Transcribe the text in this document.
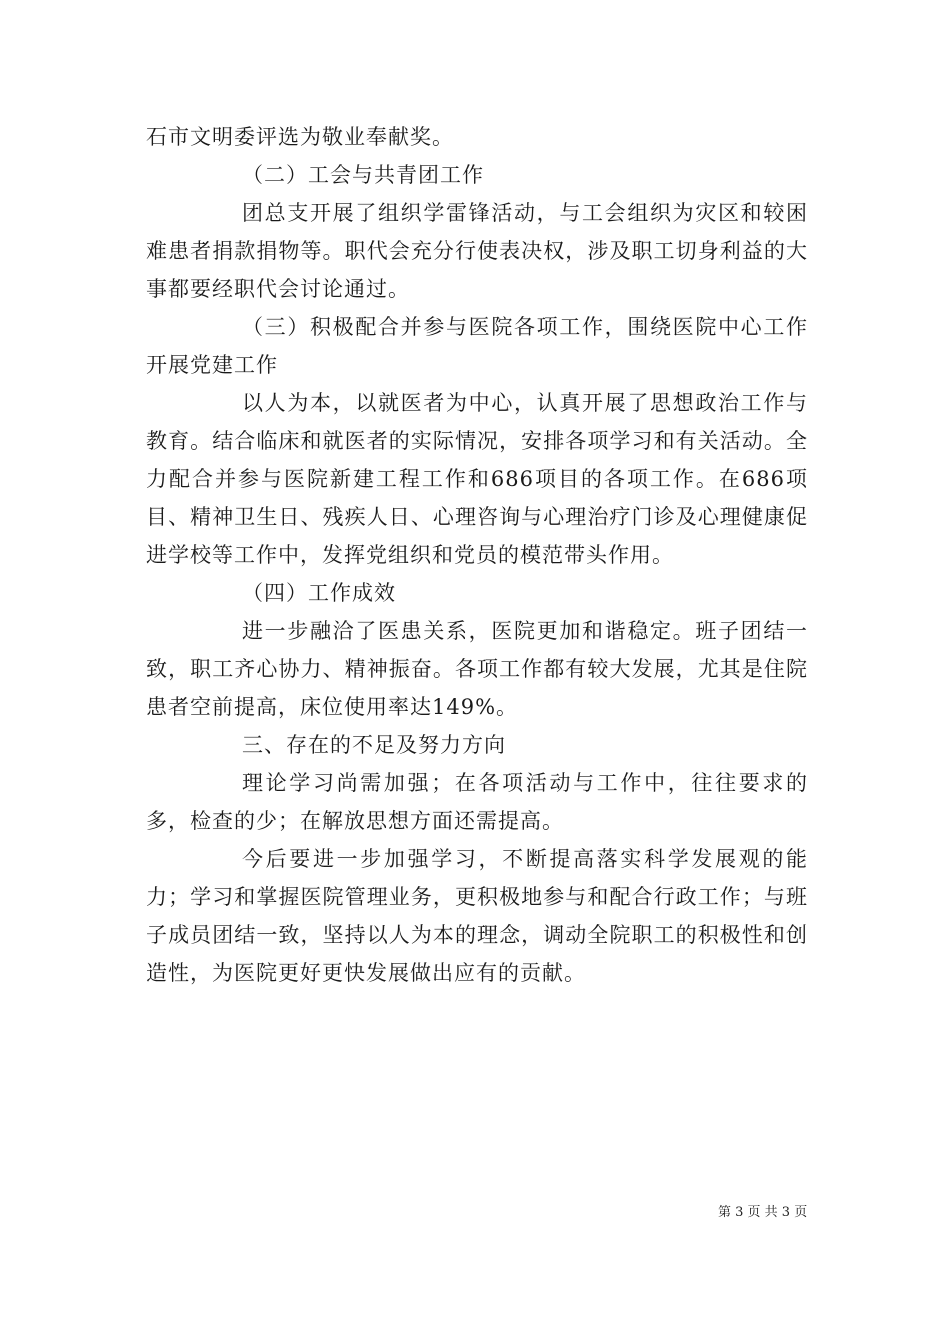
石市文明委评选为敬业奉献奖。

（二）工会与共青团工作

团总支开展了组织学雷锋活动，与工会组织为灾区和较困难患者捐款捐物等。职代会充分行使表决权，涉及职工切身利益的大事都要经职代会讨论通过。

（三）积极配合并参与医院各项工作，围绕医院中心工作开展党建工作

以人为本，以就医者为中心，认真开展了思想政治工作与教育。结合临床和就医者的实际情况，安排各项学习和有关活动。全力配合并参与医院新建工程工作和686项目的各项工作。在686项目、精神卫生日、残疾人日、心理咨询与心理治疗门诊及心理健康促进学校等工作中，发挥党组织和党员的模范带头作用。

（四）工作成效

进一步融洽了医患关系，医院更加和谐稳定。班子团结一致，职工齐心协力、精神振奋。各项工作都有较大发展，尤其是住院患者空前提高，床位使用率达149%。

三、存在的不足及努力方向

理论学习尚需加强；在各项活动与工作中，往往要求的多，检查的少；在解放思想方面还需提高。

今后要进一步加强学习，不断提高落实科学发展观的能力；学习和掌握医院管理业务，更积极地参与和配合行政工作；与班子成员团结一致，坚持以人为本的理念，调动全院职工的积极性和创造性，为医院更好更快发展做出应有的贡献。

第 3 页 共 3 页
